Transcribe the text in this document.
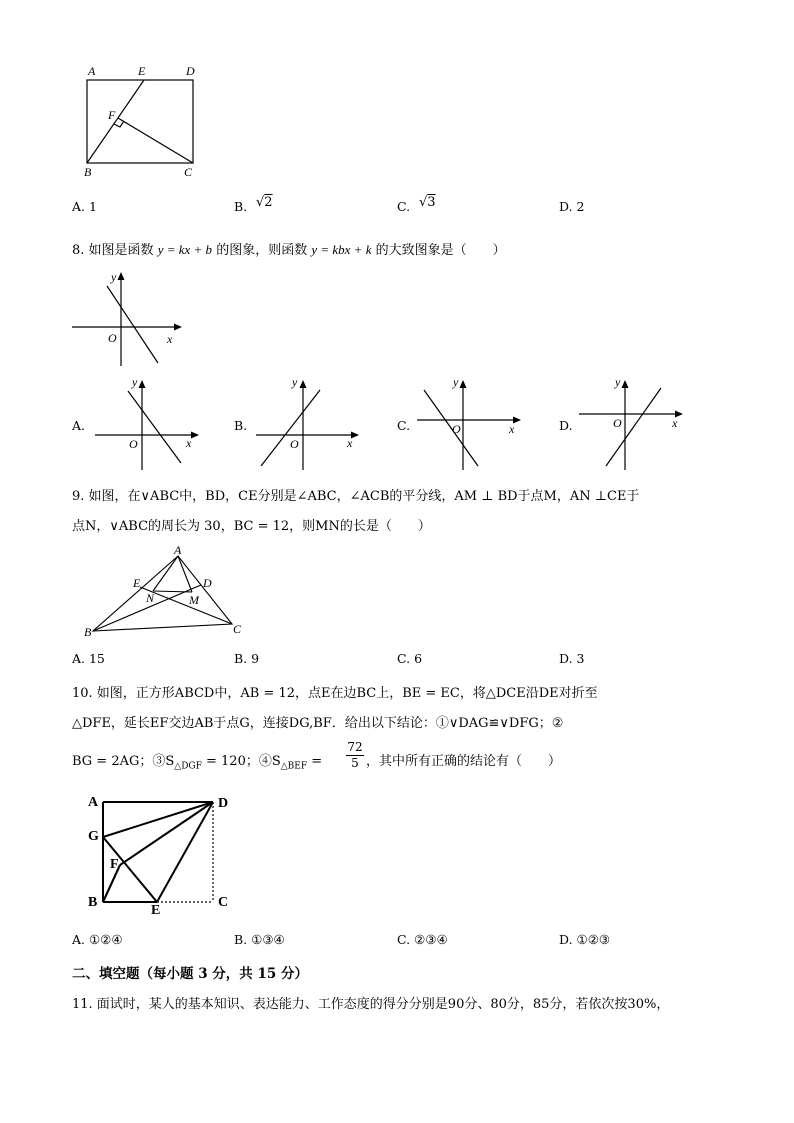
A	E	D
F
B	C
A. 1	B. √2	C. √3	D. 2
8. 如图是函数 y = kx + b 的图象，则函数 y = kbx + k 的大致图象是（　　）
y
O	x
A.
y
O	x
B.
y
O	x
C.
y
O	x	D.
y
O	x
9. 如图，在∨ABC中，BD，CE分别是∠ABC，∠ACB的平分线，AM ⊥ BD于点M，AN ⊥CE于
点N，∨ABC的周长为 30，BC = 12，则MN的长是（　　）
A
E	D
N	M
B	C
A. 15	B. 9	C. 6	D. 3
10. 如图，正方形ABCD中，AB = 12，点E在边BC上，BE = EC，将△DCE沿DE对折至
△DFE，延长EF交边AB于点G，连接DG,BF．给出以下结论：①∨DAG≌∨DFG；②
BG = 2AG；$③S_{\triangle DGF} = 120$；$④S_{\triangle BEF} = \frac{72}{5}$ ，其中所有正确的结论有（　　）
A	D
G
F
B
E
C
A. ①②④	B. ①③④	C. ②③④	D. ①②③
二、填空题（每小题 3 分，共 15 分）
11. 面试时，某人的基本知识、表达能力、工作态度的得分分别是90分、80分，85分，若依次按30%，
